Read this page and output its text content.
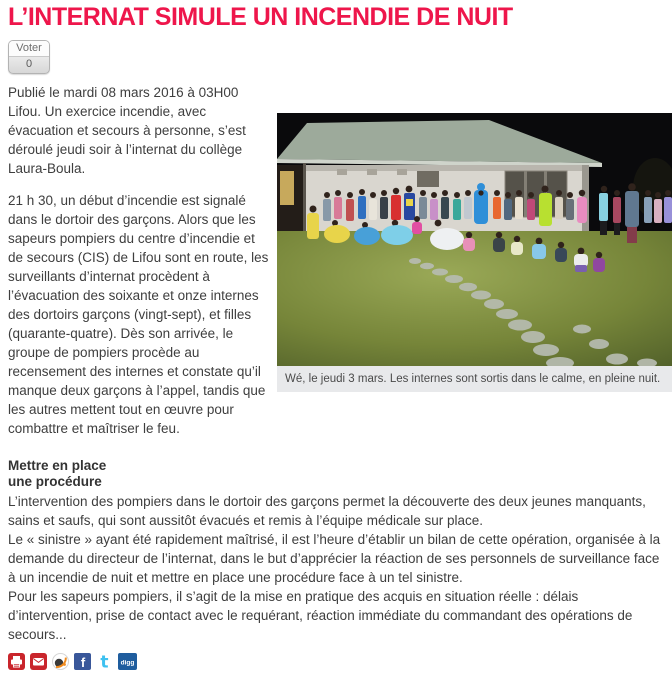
L’INTERNAT SIMULE UN INCENDIE DE NUIT
Voter
0

Publié le mardi 08 mars 2016 à 03H00
Lifou. Un exercice incendie, avec évacuation et secours à personne, s’est déroulé jeudi soir à l’internat du collège Laura-Boula.

21 h 30, un début d’incendie est signalé dans le dortoir des garçons. Alors que les sapeurs pompiers du centre d’incendie et de secours (CIS) de Lifou sont en route, les surveillants d’internat procèdent à l’évacuation des soixante et onze internes des dortoirs garçons (vingt-sept), et filles (quarante-quatre). Dès son arrivée, le groupe de pompiers procède au recensement des internes et constate qu’il manque deux garçons à l’appel, tandis que les autres mettent tout en œuvre pour combattre et maîtriser le feu.

Wé, le jeudi 3 mars. Les internes sont sortis dans le calme, en pleine nuit.

Mettre en place
une procédure

L’intervention des pompiers dans le dortoir des garçons permet la découverte des deux jeunes manquants, sains et saufs, qui sont aussitôt évacués et remis à l’équipe médicale sur place.

Le « sinistre » ayant été rapidement maîtrisé, il est l’heure d’établir un bilan de cette opération, organisée à la demande du directeur de l’internat, dans le but d’apprécier la réaction de ses personnels de surveillance face à un incendie de nuit et mettre en place une procédure face à un tel sinistre.

Pour les sapeurs pompiers, il s’agit de la mise en pratique des acquis en situation réelle : délais d’intervention, prise de contact avec le requérant, réaction immédiate du commandant des opérations de secours...

f t digg
